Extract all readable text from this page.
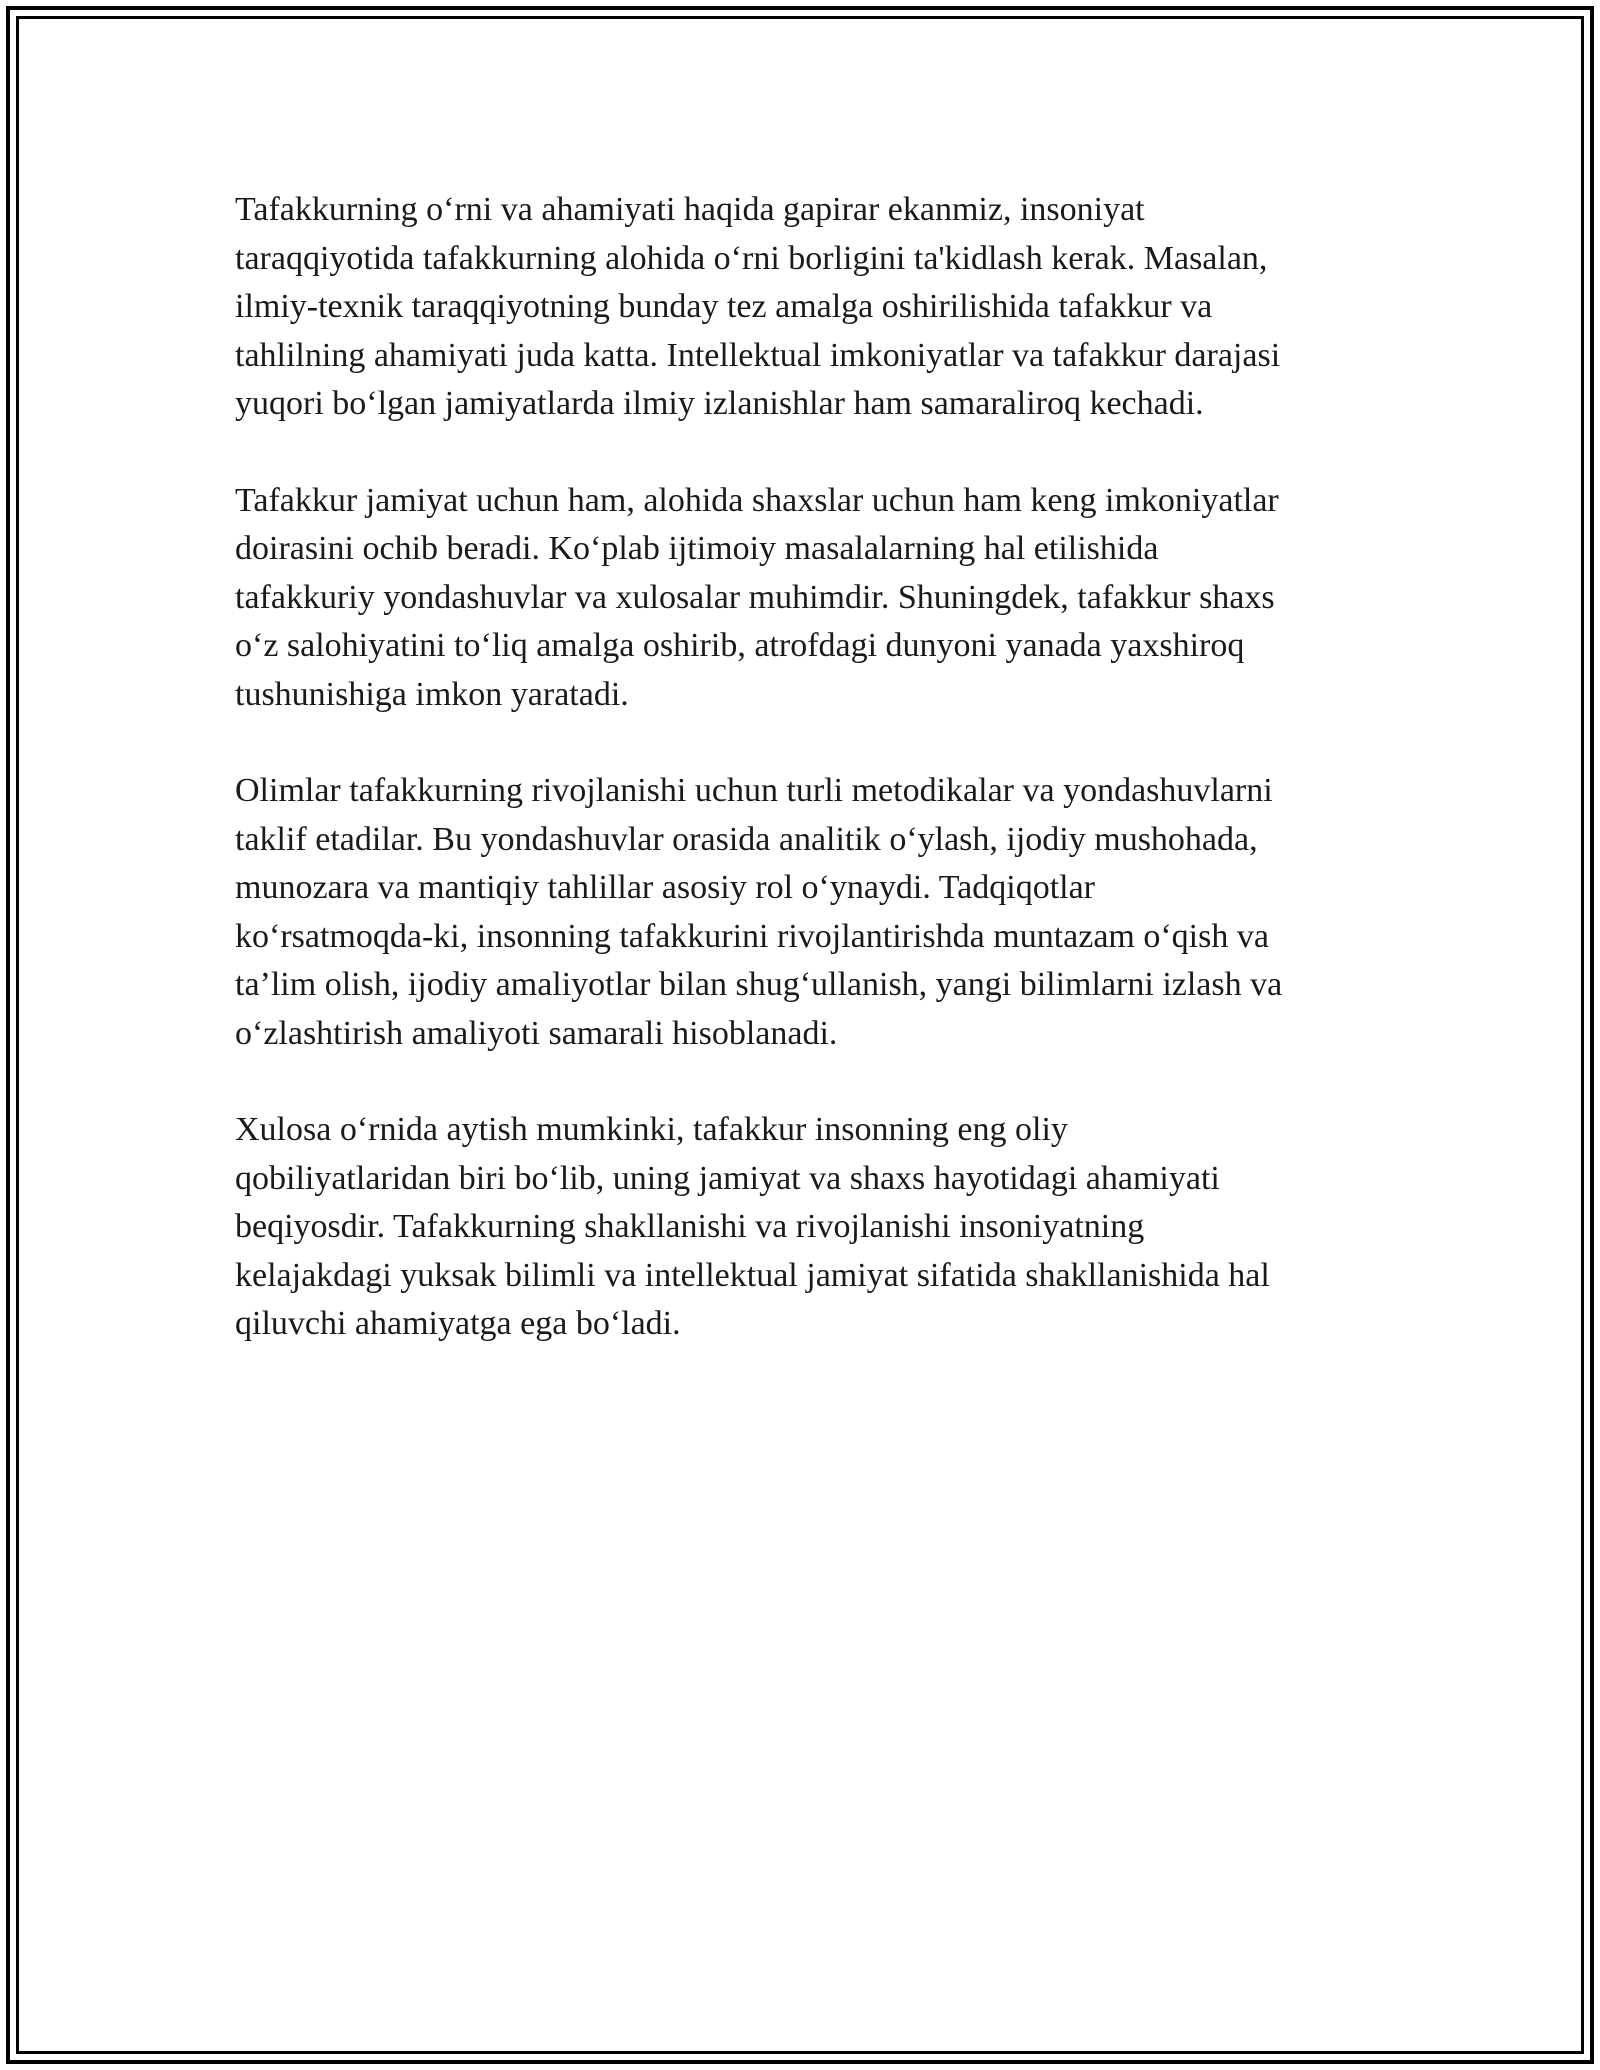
Tafakkurning oʻrni va ahamiyati haqida gapirar ekanmiz, insoniyat
taraqqiyotida tafakkurning alohida oʻrni borligini ta'kidlash kerak. Masalan,
ilmiy-texnik taraqqiyotning bunday tez amalga oshirilishida tafakkur va
tahlilning ahamiyati juda katta. Intellektual imkoniyatlar va tafakkur darajasi
yuqori boʻlgan jamiyatlarda ilmiy izlanishlar ham samaraliroq kechadi.

Tafakkur jamiyat uchun ham, alohida shaxslar uchun ham keng imkoniyatlar
doirasini ochib beradi. Koʻplab ijtimoiy masalalarning hal etilishida
tafakkuriy yondashuvlar va xulosalar muhimdir. Shuningdek, tafakkur shaxs
oʻz salohiyatini toʻliq amalga oshirib, atrofdagi dunyoni yanada yaxshiroq
tushunishiga imkon yaratadi.

Olimlar tafakkurning rivojlanishi uchun turli metodikalar va yondashuvlarni
taklif etadilar. Bu yondashuvlar orasida analitik oʻylash, ijodiy mushohada,
munozara va mantiqiy tahlillar asosiy rol oʻynaydi. Tadqiqotlar
koʻrsatmoqda-ki, insonning tafakkurini rivojlantirishda muntazam oʻqish va
ta’lim olish, ijodiy amaliyotlar bilan shugʻullanish, yangi bilimlarni izlash va
oʻzlashtirish amaliyoti samarali hisoblanadi.

Xulosa oʻrnida aytish mumkinki, tafakkur insonning eng oliy
qobiliyatlaridan biri boʻlib, uning jamiyat va shaxs hayotidagi ahamiyati
beqiyosdir. Tafakkurning shakllanishi va rivojlanishi insoniyatning
kelajakdagi yuksak bilimli va intellektual jamiyat sifatida shakllanishida hal
qiluvchi ahamiyatga ega boʻladi.
